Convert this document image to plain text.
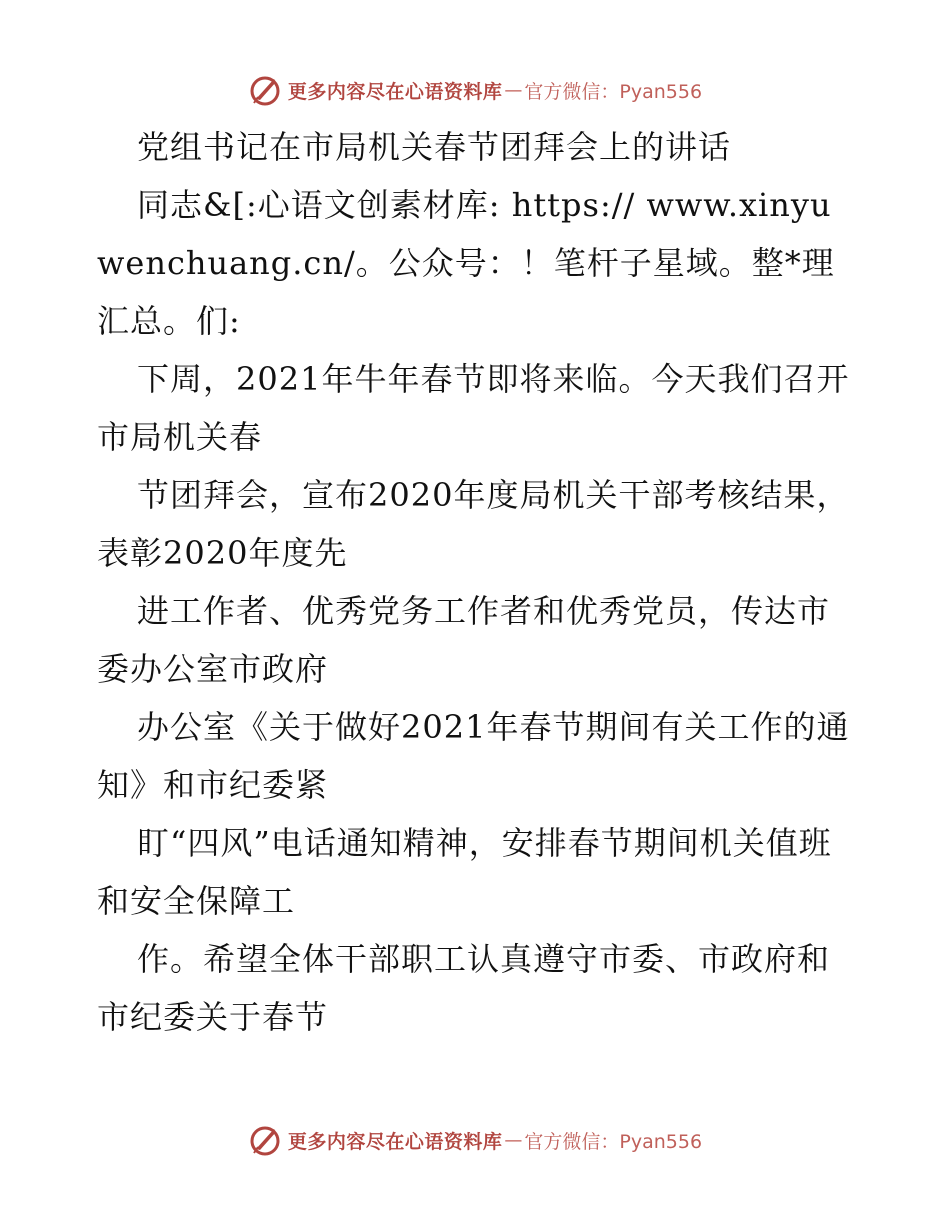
更多内容尽在心语资料库 — 官方微信：Pyan556

党组书记在市局机关春节团拜会上的讲话

同志&[:心语文创素材库: https:// www.xinyuwenchuang.cn/。公众号：！笔杆子星域。整*理汇总。们:

下周，2021年牛年春节即将来临。今天我们召开市局机关春

节团拜会，宣布2020年度局机关干部考核结果，表彰2020年度先

进工作者、优秀党务工作者和优秀党员，传达市委办公室市政府

办公室《关于做好2021年春节期间有关工作的通知》和市纪委紧

盯“四风”电话通知精神，安排春节期间机关值班和安全保障工

作。希望全体干部职工认真遵守市委、市政府和市纪委关于春节

更多内容尽在心语资料库 — 官方微信：Pyan556
